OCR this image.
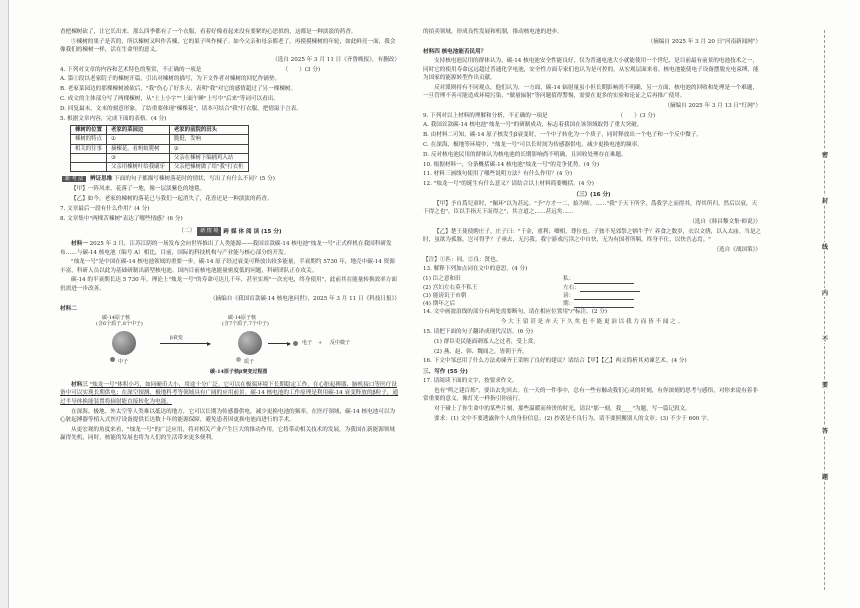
香把棟树砍了，让它长出来。那么四季都有了一个衣服，看着好像看起来没有要紧的心思似的，这都是一种淡淡的药香。

⑤棟树的果子是苦的，所以棟树又叫作苦棟，它的果子叫作楝子。如今父亲和母亲都老了，再摸摸楝树的年轮，如此鲜亮一面，我会像我们的楝树一样，活在生命里的意义。

（选自 2025 年 3 月 11 日《齐鲁晚报》，有删改）

4. 下列对文章的内容和艺术特色的鉴赏，不正确的一项是　　　　　　　　　　　　　　　（　　）(3 分)

A. 第①段以老家院子的棟树开篇，引出对楝树的描写，为下文作者对楝树的回忆作铺垫。

B. 老家菜园边的那棵楝树被砍后，"我"伤心了好多天，表明"我"对它的感情超过了另一棵楝树。

C. 成文的主体部分写了两棵楝树，从"土上小字""上面午睡"上写中"后来"等词可以看出。

D. 回复最末，文末的刻意形象，了结重要体现"楝棵花"，请本可结合"我"打衣服，把情溢于言表。

5. 根据文章内容，完成下面的表格。(4 分)

棟树的位置	老家的菜园边	老家的前院的田头
棟树的特点	①	脆挺，发响
相关的往事	摘楝花，看蚂蚁爬树	②
	③	父亲在棟树下编捕鸡入站
	父亲用棟树叶给我刷牙	父亲把楝树做了给"我"打衣柜

新 考 法 辨证思维 下面的句子都描写棟树落花时的情状，写出了有什么不同？(5 分)

【甲】一阵风来，花落了一地，像一层淡紫色的地毯。

【乙】如今，老家的棟树的落花已与我们一起消失了，花香还是一种淡淡的药香。

7. 文章最后一段有什么作用？(4 分)

8. 文章集中"两棵苦棟树"表达了哪些情感？(6 分)

（二）	新 情 境 跨 媒 体 阅 读 (15 分)

材料一 2025 年 3 月，江苏江阴的一场发布会向世界推出了人类能源——我国首款碳-14 核电池"烛龙一号"正式样机在我国科研发布……与碳-14 核电池（编号 A）相比，目前，国际的科技机构与产业能与核心部分的开发。

"烛龙一号"是中国在碳-14 核电池领域的重要一步。碳-14 原子经过衰变可释放出较多能量，半衰期约 5730 年，地壳中碳-14 资源丰富，科研人员以此为基础研制出新型核电池。国内目前核电池能量密度低的问题，科研团队正在攻关。

碳-14 的半衰期长达 5 730 年，理论上"烛龙一号"的寿命可达几千年，甚至实现"一次充电，终身使用"，此前其在能量转换效率方面仍需进一步改善。

（摘编自《我国首款碳-14 核电池问世》，2025 年 3 月 11 日《科技日报》）

材料二

碳-14原子核
(含6个质子,8个中子)
中子
β衰变
碳-14原子核
(含7个质子,7个中子)
质子
电子 + 反中微子
碳-14原子核β衰变过程图

材料三 "烛龙一号"体积小巧，如同硬币大小，用途十分广泛。它可以在极端环境下长期稳定工作，在心脏起搏器、脑机接口等医疗设备中可以实现长期供电；在深空探测、极地科考等领域具有广阔的应用前景。碳-14 核电池的工作原理是利用碳-14 衰变释放的β粒子，通过半导体换能装置将辐射能直接转化为电能。

在深海、极地、外太空等人类难以抵达的地方，它可以长期为传感器供电，减少更换电池的频率。在医疗领域，碳-14 核电池可以为心脏起搏器等植入式医疗设备提供长达数十年的能源保障，避免患者因更换电池而进行的手术。

从更宏观的角度来看，"烛龙一号"的广泛应用，将对相关产业产生巨大的推动作用。它将带动相关技术的发展，为我国在新能源领域赢得先机，同时，核能的发展也将为人们的生活带来更多便利。

的拍卖领域，形成良性发展和机制，推动核电池的进步。

（摘编自 2025 年 3 月 20 日"河南新闻网"）

材料四 核电池能否民用？

支持核电池民用的群体认为，碳-14 核电池安全性能良好，仅为普通电池大小就能使用一个世纪，是目前最有前景的电池技术之一，同时它的使用寿命远远超过普通化学电池，安全性方面专家们也认为是可控的。从宏观层面来看，核电池能使电子设备摆脱充电束缚，能为国家的能源转型作出贡献。

反对派则持有不同观点，他们认为，一方面，碳-14 辐射量虽小但长期影响尚不明确，另一方面，核电池的回收和处理是一个难题，一旦管理不善可能造成环境污染，"做量辐射"等问题值得警惕，需要在更多的实验和论证之后再推广使用。

（摘编自 2025 年 3 月 13 日"红网"）

9. 下列对以上材料的理解和分析，不正确的一项是　　　　　　　　　　　　　（　　）(3 分)

A. 我国首款碳-14 核电池"烛龙一号"的研制成功，标志着我国在该领域取得了重大突破。

B. 由材料二可知，碳-14 原子核发生β衰变时，一个中子转化为一个质子，同时释放出一个电子和一个反中微子。

C. 在深海、极地等环境中，"烛龙一号"可以长时间为传感器供电，减少更换电池的频率。

D. 反对核电池民用的群体认为核电池的长期影响尚不明确，且回收处理存在难题。

10. 根据材料一，分条概括碳-14 核电池"烛龙一号"的竞争优势。(4 分)

11. 材料三画线句使用了哪些说明方法？有什么作用？(4 分)

12. "烛龙一号"的诞生有什么意义？请结合以上材料简要概括。(4 分)

（三）(16 分)

【甲】予自爲兒童时，"佩环"以为甚远。"予"方才一二，始为师。……"我"于天下所学，爲我学之而得其，得其所归，然后以衰，天下得之也"，臣以手指天下而得之"，其言道之……甚远矣……

（选自《韩昌黎文集·师说》）

【乙】楚王使使聘庄子，庄子曰："千金，重利；卿相，尊位也。子独不见郊祭之牺牛乎？养食之数岁，衣以文绣，以入太庙。当是之时，虽欲为孤豚，岂可得乎？子亟去，无污我。我宁游戏污渎之中自快，无为有国者所羁，终身不仕，以快吾志焉。"

（选自《战国策》）

【注】①匹：同。②良：贤也。

13. 解释下列加点词在文中的意思。(4 分)

(1) 臣之意和旧	私：
(2) 宫妇左右莫不私王	左右：
(3) 能谤讥于市朝	谤：
(4) 期年之后	期：

14. 文中画波浪线的部分有两处需要断句，请在相应位置用"/"标注。(2 分)

今 大 王 留 甚 是 亦 天 下 久 矣 也 不 能 更 治 以 我 力 而 皆 不 闻 之 。

15. 请把下面的句子翻译成现代汉语。(6 分)

(1) 群臣吏民能面刺寡人之过者，受上赏。

(2) 燕、赵、韩、魏闻之，皆朝于齐。

16. 下文中邹忌用了什么方法劝谏齐王采纳了良好的建议？请结合【甲】【乙】两文简析其劝谏艺术。(4 分)

三、写作 (55 分)

17. 请阅读下面的文字，按要求作文。

也有"鸣之建百炼"，要出去先回去。在一天的一件事中，总有一些有触动我们心灵的时刻，有你深刻的思考与感悟，对你来说有着非常重要的意义，像灯光一样指引你前行。

对于碰上了你生命中的某些片刻，那些温暖而珍贵的时光，请以"那一刻，我____"为题，写一篇记叙文。

要求：(1) 文中不要透露你个人的身份信息；(2) 抄袭是不良行为，请不要照搬别人的文章；(3) 不少于 600 字。

密
封
线
内
不
要
答
题
